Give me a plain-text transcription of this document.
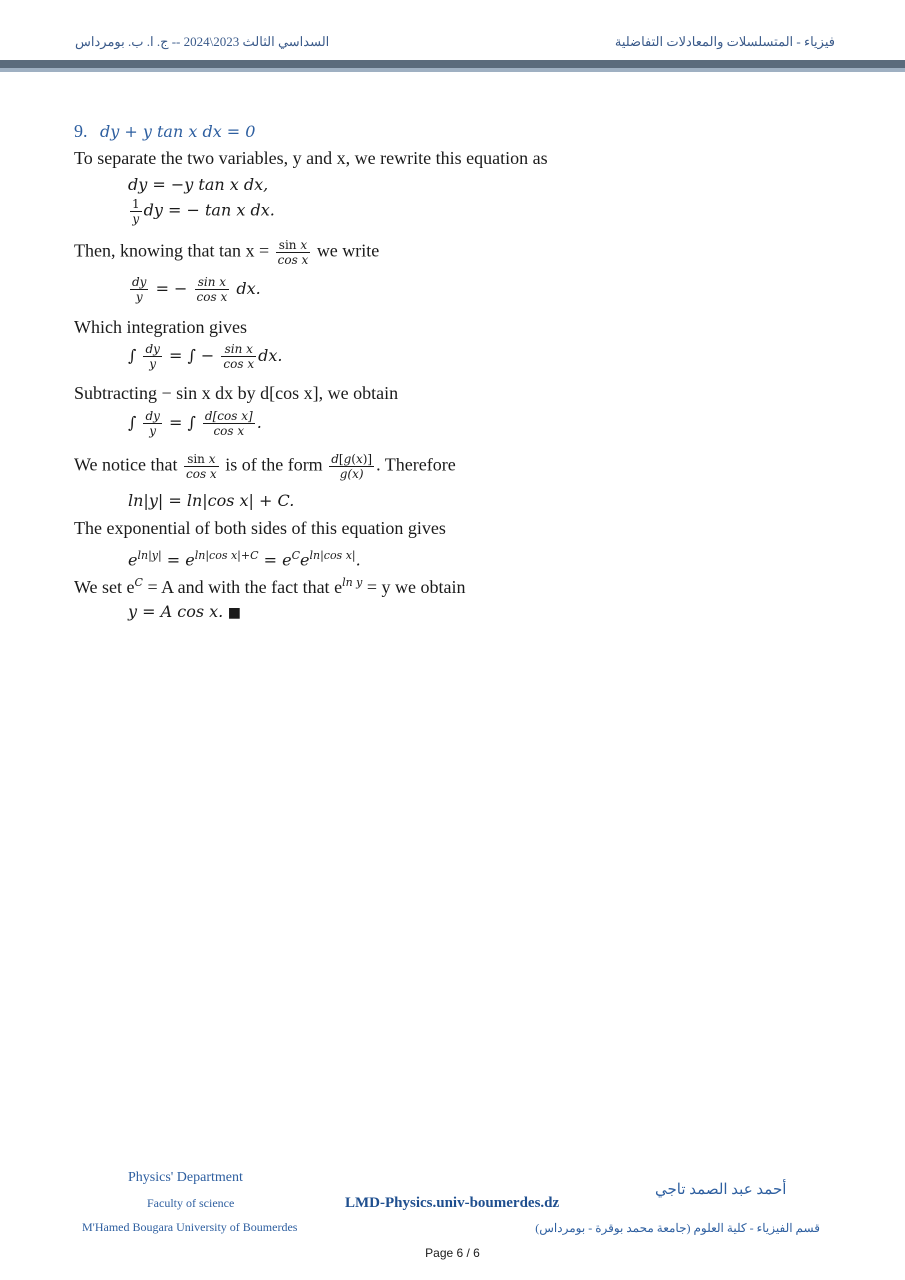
السداسي الثالث 2023\2024 -- ج. ا. ب. بومرداس	فيزياء - المتسلسلات والمعادلات التفاضلية
9. dy + y tan x dx = 0
To separate the two variables, y and x, we rewrite this equation as
dy = −y tan x dx,
$\frac{1}{y}$ dy = − tan x dx.
Then, knowing that $\tan x = \frac{\text{sin x}}{\text{cos x}}$ we write
$\frac{dy}{y}$ = − $\frac{\text{sin x}}{\text{cos x}}$ dx.
Which integration gives
∫ $\frac{dy}{y}$ = ∫ − $\frac{\text{sin x}}{\text{cos x}}$ dx.
Subtracting − sin x dx by d[cos x], we obtain
∫ $\frac{dy}{y}$ = ∫ $\frac{\text{d[cos x]}}{\text{cos x}}$ .
We notice that $\frac{\text{sin x}}{\text{cos x}}$ is of the form $\frac{d[g(x)]}{g(x)}$ . Therefore
ln|y| = ln|cos x| + C.
The exponential of both sides of this equation gives
$e^{ln|y|} = e^{ln|cos x|+C} = e^Ce^{ln|cos x|}$.
We set $e^C = A$ and with the fact that $e^{ln y} = y$ we obtain
y = A cos x. ■
Physics' Department
Faculty of science
M'Hamed Bougara University of Boumerdes
LMD-Physics.univ-boumerdes.dz
أحمد عبد الصمد تاجي
قسم الفيزياء - كلية العلوم (جامعة محمد بوقرة - بومرداس)
Page 6 / 6
